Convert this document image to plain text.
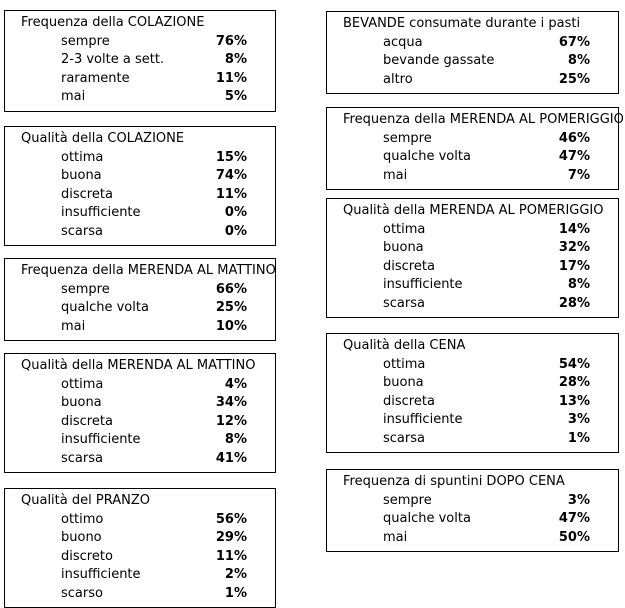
Frequenza della COLAZIONE
sempre	76%
2-3 volte a sett.	8%
raramente	11%
mai	5%
Qualità della COLAZIONE
ottima	15%
buona	74%
discreta	11%
insufficiente	0%
scarsa	0%
Frequenza della MERENDA AL MATTINO
sempre	66%
qualche volta	25%
mai	10%
Qualità della MERENDA AL MATTINO
ottima	4%
buona	34%
discreta	12%
insufficiente	8%
scarsa	41%
Qualità del PRANZO
ottimo	56%
buono	29%
discreto	11%
insufficiente	2%
scarso	1%
BEVANDE consumate durante i pasti
acqua	67%
bevande gassate	8%
altro	25%
Frequenza della MERENDA AL POMERIGGIO
sempre	46%
qualche volta	47%
mai	7%
Qualità della MERENDA AL POMERIGGIO
ottima	14%
buona	32%
discreta	17%
insufficiente	8%
scarsa	28%
Qualità della CENA
ottima	54%
buona	28%
discreta	13%
insufficiente	3%
scarsa	1%
Frequenza di spuntini DOPO CENA
sempre	3%
qualche volta	47%
mai	50%
